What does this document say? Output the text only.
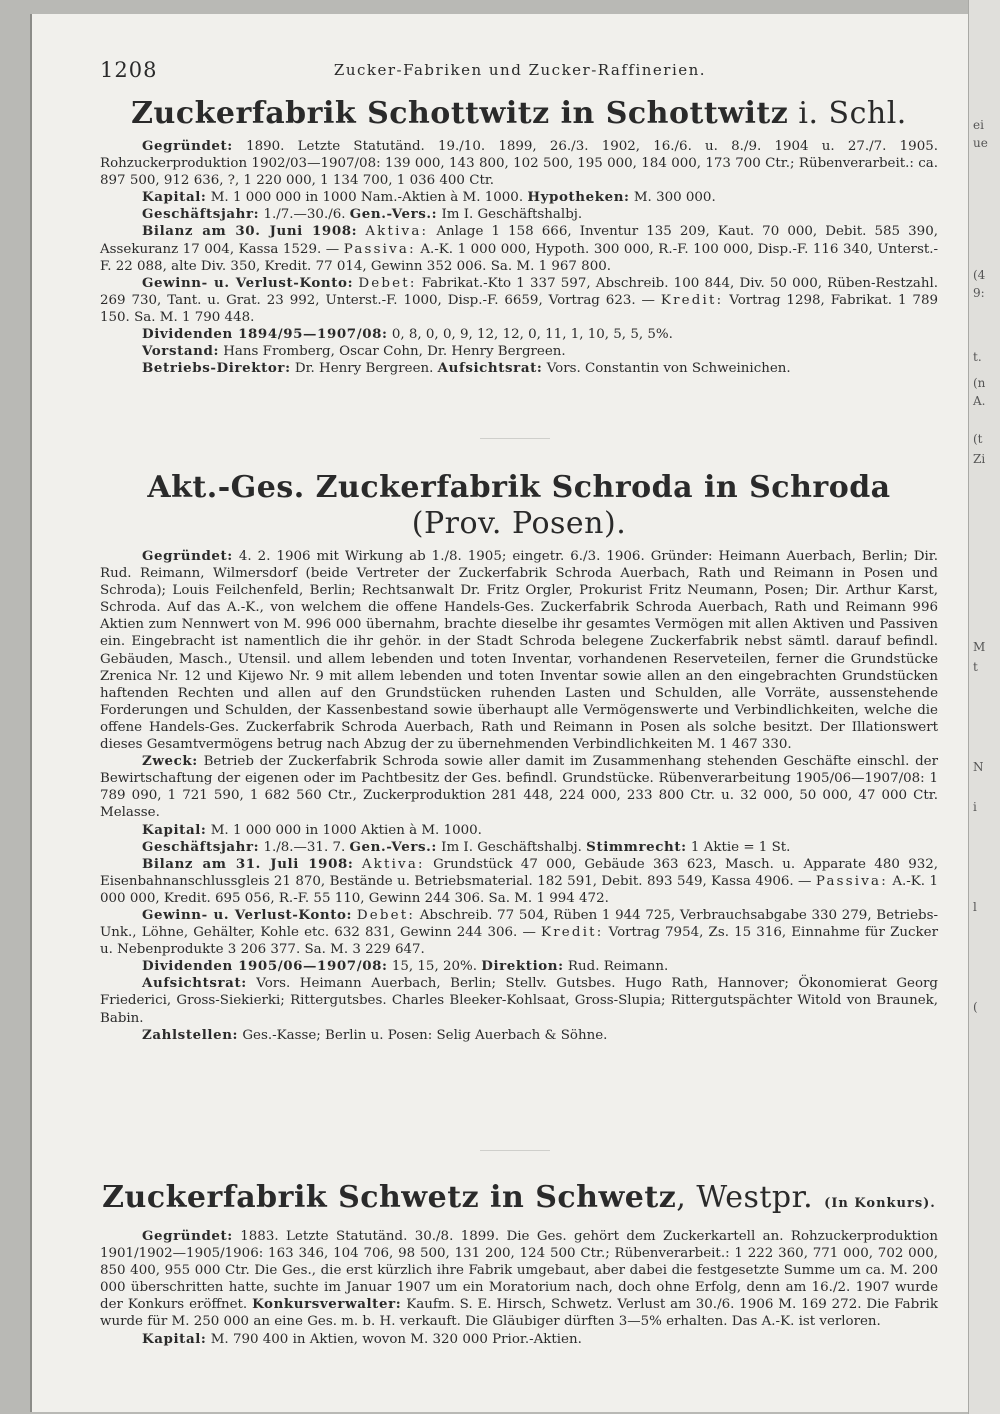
ei
ue
(4
9:
t.
(n
A.
(t
Zi
M
t
N
i
l
(
1208	Zucker-Fabriken und Zucker-Raffinerien.
Zuckerfabrik Schottwitz in Schottwitz i. Schl.

Gegründet: 1890. Letzte Statutänd. 19./10. 1899, 26./3. 1902, 16./6. u. 8./9. 1904 u. 27./7. 1905. Rohzuckerproduktion 1902/03—1907/08: 139 000, 143 800, 102 500, 195 000, 184 000, 173 700 Ctr.; Rübenverarbeit.: ca. 897 500, 912 636, ?, 1 220 000, 1 134 700, 1 036 400 Ctr.

Kapital: M. 1 000 000 in 1000 Nam.-Aktien à M. 1000. Hypotheken: M. 300 000.

Geschäftsjahr: 1./7.—30./6. Gen.-Vers.: Im I. Geschäftshalbj.

Bilanz am 30. Juni 1908: Aktiva: Anlage 1 158 666, Inventur 135 209, Kaut. 70 000, Debit. 585 390, Assekuranz 17 004, Kassa 1529. — Passiva: A.-K. 1 000 000, Hypoth. 300 000, R.-F. 100 000, Disp.-F. 116 340, Unterst.-F. 22 088, alte Div. 350, Kredit. 77 014, Gewinn 352 006. Sa. M. 1 967 800.

Gewinn- u. Verlust-Konto: Debet: Fabrikat.-Kto 1 337 597, Abschreib. 100 844, Div. 50 000, Rüben-Restzahl. 269 730, Tant. u. Grat. 23 992, Unterst.-F. 1000, Disp.-F. 6659, Vortrag 623. — Kredit: Vortrag 1298, Fabrikat. 1 789 150. Sa. M. 1 790 448.

Dividenden 1894/95—1907/08: 0, 8, 0, 0, 9, 12, 12, 0, 11, 1, 10, 5, 5, 5%.

Vorstand: Hans Fromberg, Oscar Cohn, Dr. Henry Bergreen.

Betriebs-Direktor: Dr. Henry Bergreen. Aufsichtsrat: Vors. Constantin von Schweinichen.

Akt.-Ges. Zuckerfabrik Schroda in Schroda (Prov. Posen).

Gegründet: 4. 2. 1906 mit Wirkung ab 1./8. 1905; eingetr. 6./3. 1906. Gründer: Heimann Auerbach, Berlin; Dir. Rud. Reimann, Wilmersdorf (beide Vertreter der Zuckerfabrik Schroda Auerbach, Rath und Reimann in Posen und Schroda); Louis Feilchenfeld, Berlin; Rechtsanwalt Dr. Fritz Orgler, Prokurist Fritz Neumann, Posen; Dir. Arthur Karst, Schroda. Auf das A.-K., von welchem die offene Handels-Ges. Zuckerfabrik Schroda Auerbach, Rath und Reimann 996 Aktien zum Nennwert von M. 996 000 übernahm, brachte dieselbe ihr gesamtes Vermögen mit allen Aktiven und Passiven ein. Eingebracht ist namentlich die ihr gehör. in der Stadt Schroda belegene Zuckerfabrik nebst sämtl. darauf befindl. Gebäuden, Masch., Utensil. und allem lebenden und toten Inventar, vorhandenen Reserveteilen, ferner die Grundstücke Zrenica Nr. 12 und Kijewo Nr. 9 mit allem lebenden und toten Inventar sowie allen an den eingebrachten Grundstücken haftenden Rechten und allen auf den Grundstücken ruhenden Lasten und Schulden, alle Vorräte, aussenstehende Forderungen und Schulden, der Kassenbestand sowie überhaupt alle Vermögenswerte und Verbindlichkeiten, welche die offene Handels-Ges. Zuckerfabrik Schroda Auerbach, Rath und Reimann in Posen als solche besitzt. Der Illationswert dieses Gesamtvermögens betrug nach Abzug der zu übernehmenden Verbindlichkeiten M. 1 467 330.

Zweck: Betrieb der Zuckerfabrik Schroda sowie aller damit im Zusammenhang stehenden Geschäfte einschl. der Bewirtschaftung der eigenen oder im Pachtbesitz der Ges. befindl. Grundstücke. Rübenverarbeitung 1905/06—1907/08: 1 789 090, 1 721 590, 1 682 560 Ctr., Zuckerproduktion 281 448, 224 000, 233 800 Ctr. u. 32 000, 50 000, 47 000 Ctr. Melasse.

Kapital: M. 1 000 000 in 1000 Aktien à M. 1000.

Geschäftsjahr: 1./8.—31. 7. Gen.-Vers.: Im I. Geschäftshalbj. Stimmrecht: 1 Aktie = 1 St.

Bilanz am 31. Juli 1908: Aktiva: Grundstück 47 000, Gebäude 363 623, Masch. u. Apparate 480 932, Eisenbahnanschlussgleis 21 870, Bestände u. Betriebsmaterial. 182 591, Debit. 893 549, Kassa 4906. — Passiva: A.-K. 1 000 000, Kredit. 695 056, R.-F. 55 110, Gewinn 244 306. Sa. M. 1 994 472.

Gewinn- u. Verlust-Konto: Debet: Abschreib. 77 504, Rüben 1 944 725, Verbrauchsabgabe 330 279, Betriebs-Unk., Löhne, Gehälter, Kohle etc. 632 831, Gewinn 244 306. — Kredit: Vortrag 7954, Zs. 15 316, Einnahme für Zucker u. Nebenprodukte 3 206 377. Sa. M. 3 229 647.

Dividenden 1905/06—1907/08: 15, 15, 20%. Direktion: Rud. Reimann.

Aufsichtsrat: Vors. Heimann Auerbach, Berlin; Stellv. Gutsbes. Hugo Rath, Hannover; Ökonomierat Georg Friederici, Gross-Siekierki; Rittergutsbes. Charles Bleeker-Kohlsaat, Gross-Slupia; Rittergutspächter Witold von Braunek, Babin.

Zahlstellen: Ges.-Kasse; Berlin u. Posen: Selig Auerbach & Söhne.

Zuckerfabrik Schwetz in Schwetz, Westpr. (In Konkurs).

Gegründet: 1883. Letzte Statutänd. 30./8. 1899. Die Ges. gehört dem Zuckerkartell an. Rohzuckerproduktion 1901/1902—1905/1906: 163 346, 104 706, 98 500, 131 200, 124 500 Ctr.; Rübenverarbeit.: 1 222 360, 771 000, 702 000, 850 400, 955 000 Ctr. Die Ges., die erst kürzlich ihre Fabrik umgebaut, aber dabei die festgesetzte Summe um ca. M. 200 000 überschritten hatte, suchte im Januar 1907 um ein Moratorium nach, doch ohne Erfolg, denn am 16./2. 1907 wurde der Konkurs eröffnet. Konkursverwalter: Kaufm. S. E. Hirsch, Schwetz. Verlust am 30./6. 1906 M. 169 272. Die Fabrik wurde für M. 250 000 an eine Ges. m. b. H. verkauft. Die Gläubiger dürften 3—5% erhalten. Das A.-K. ist verloren.

Kapital: M. 790 400 in Aktien, wovon M. 320 000 Prior.-Aktien.
